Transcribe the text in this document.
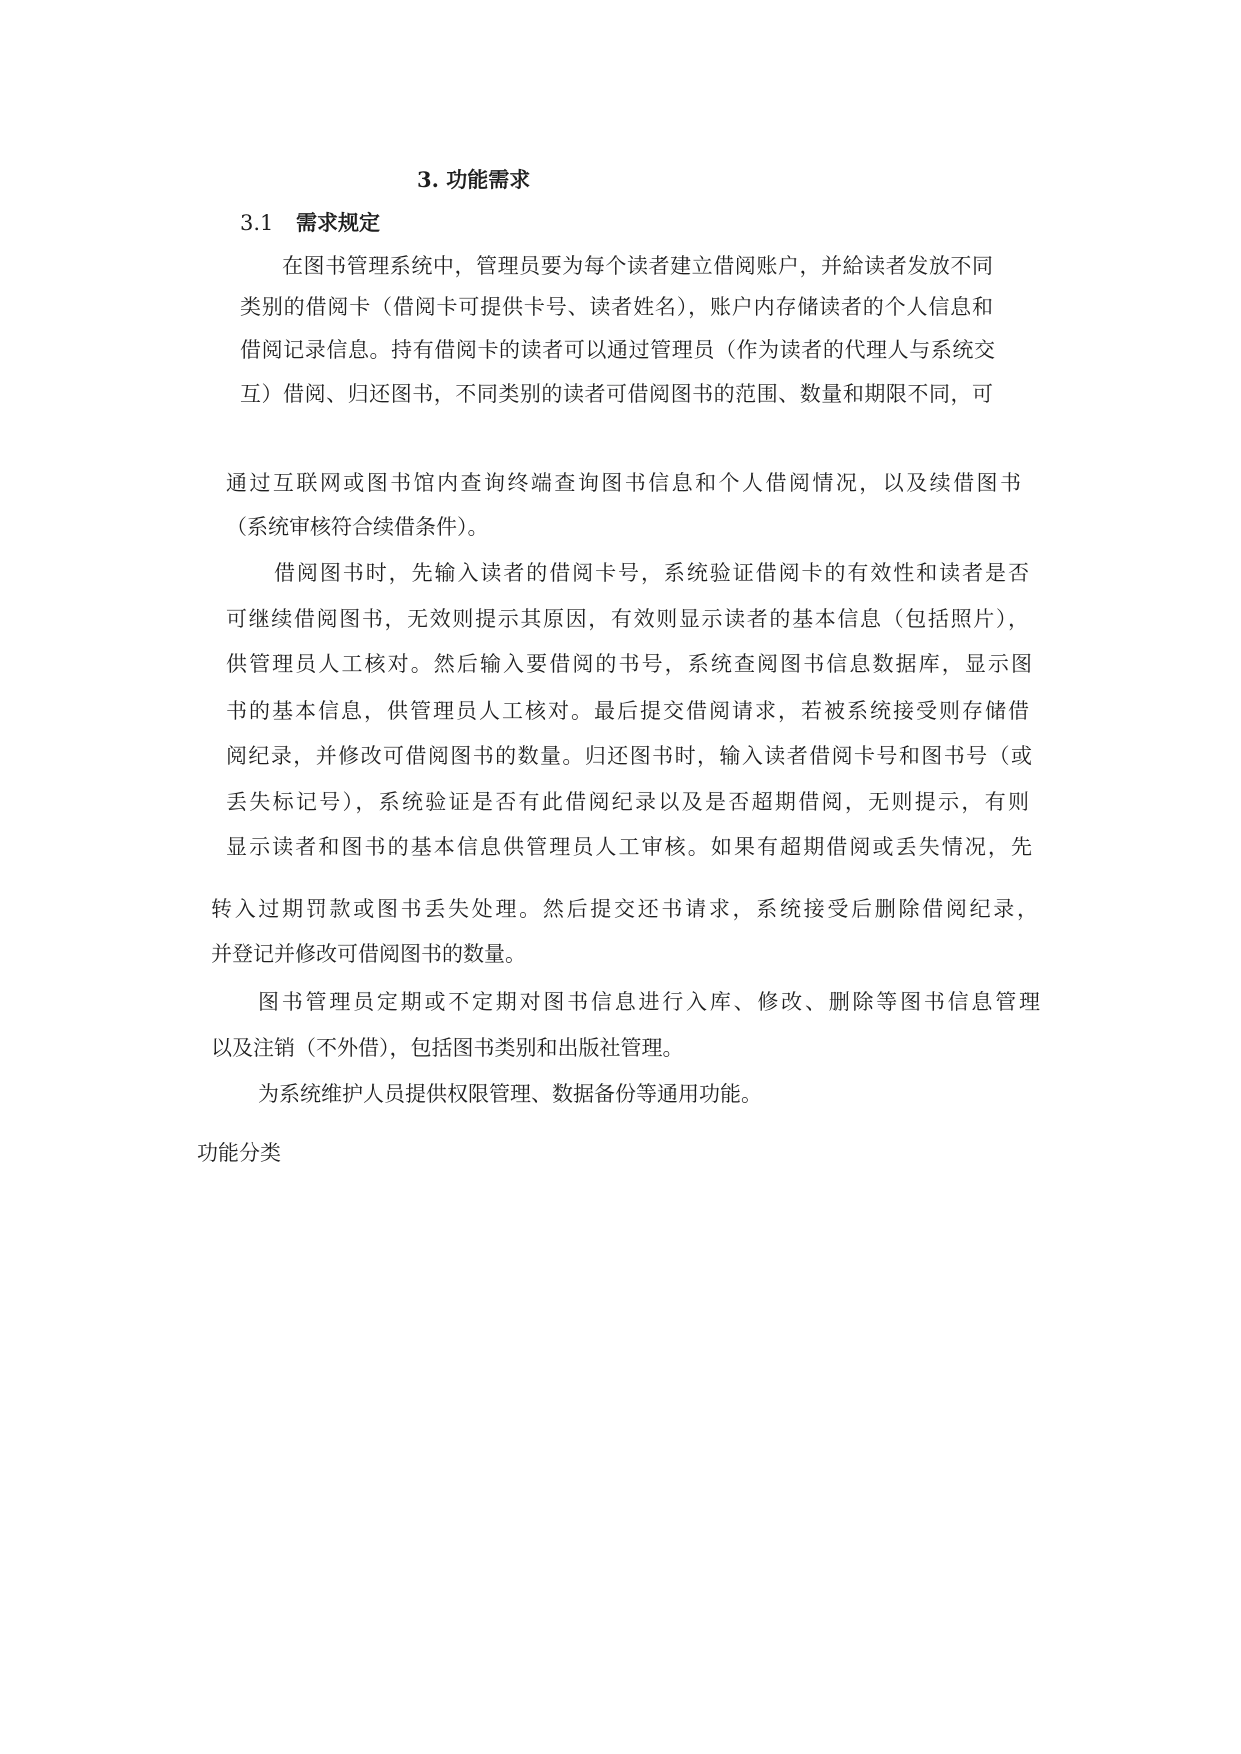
3. 功能需求
3.1 需求规定
在图书管理系统中，管理员要为每个读者建立借阅账户，并給读者发放不同
类别的借阅卡（借阅卡可提供卡号、读者姓名），账户内存储读者的个人信息和
借阅记录信息。持有借阅卡的读者可以通过管理员（作为读者的代理人与系统交
互）借阅、归还图书，不同类别的读者可借阅图书的范围、数量和期限不同，可
通过互联网或图书馆内查询终端查询图书信息和个人借阅情况，以及续借图书
（系统审核符合续借条件）。
借阅图书时，先输入读者的借阅卡号，系统验证借阅卡的有效性和读者是否
可继续借阅图书，无效则提示其原因，有效则显示读者的基本信息（包括照片），
供管理员人工核对。然后输入要借阅的书号，系统查阅图书信息数据库，显示图
书的基本信息，供管理员人工核对。最后提交借阅请求，若被系统接受则存储借
阅纪录，并修改可借阅图书的数量。归还图书时，输入读者借阅卡号和图书号（或
丢失标记号），系统验证是否有此借阅纪录以及是否超期借阅，无则提示，有则
显示读者和图书的基本信息供管理员人工审核。如果有超期借阅或丢失情况，先
转入过期罚款或图书丢失处理。然后提交还书请求，系统接受后删除借阅纪录，
并登记并修改可借阅图书的数量。
图书管理员定期或不定期对图书信息进行入库、修改、删除等图书信息管理
以及注销（不外借），包括图书类别和出版社管理。
为系统维护人员提供权限管理、数据备份等通用功能。
功能分类
